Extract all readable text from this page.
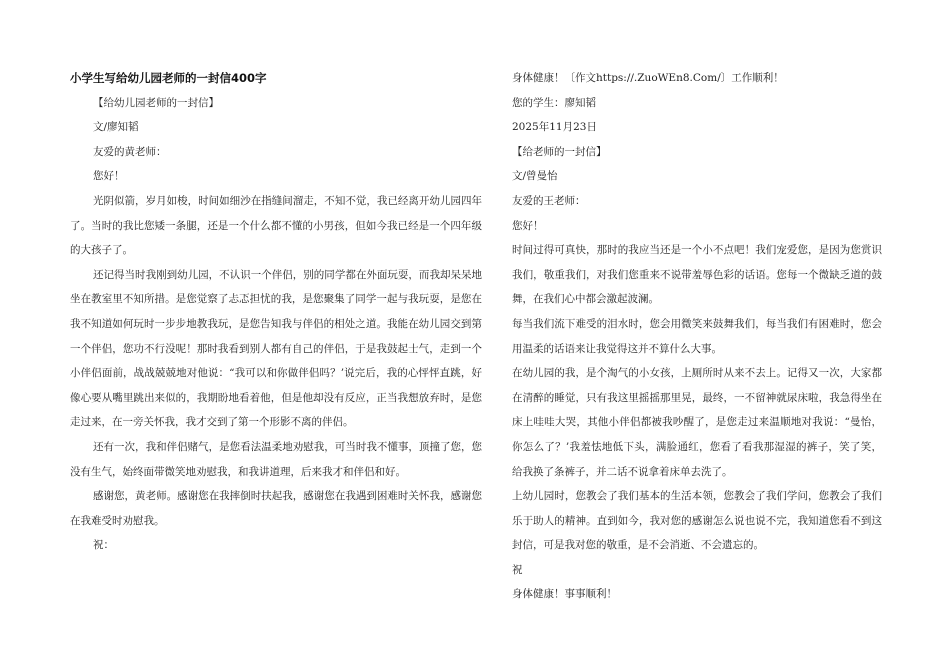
小学生写给幼儿园老师的一封信400字
【给幼儿园老师的一封信】
文/廖知韬
友爱的黄老师：
您好！
光阴似箭，岁月如梭，时间如细沙在指缝间溜走，不知不觉，我已经离开幼儿园四年了。当时的我比您矮一条腿，还是一个什么都不懂的小男孩，但如今我已经是一个四年级的大孩子了。
还记得当时我刚到幼儿园，不认识一个伴侣，别的同学都在外面玩耍，而我却呆呆地坐在教室里不知所措。是您觉察了忐忑担忧的我，是您聚集了同学一起与我玩耍，是您在我不知道如何玩时一步步地教我玩，是您告知我与伴侣的相处之道。我能在幼儿园交到第一个伴侣，您功不行没呢！那时我看到别人都有自己的伴侣，于是我鼓起士气，走到一个小伴侣面前，战战兢兢地对他说：“我可以和你做伴侣吗？’说完后，我的心怦怦直跳，好像心要从嘴里跳出来似的，我期盼地看着他，但是他却没有反应，正当我想放弃时，是您走过来，在一旁关怀我，我才交到了第一个形影不离的伴侣。
还有一次，我和伴侣赌气，是您看法温柔地劝慰我，可当时我不懂事，顶撞了您，您没有生气，始终面带微笑地劝慰我，和我讲道理，后来我才和伴侣和好。
感谢您，黄老师。感谢您在我摔倒时扶起我，感谢您在我遇到困难时关怀我，感谢您在我难受时劝慰我。
祝：
身体健康！〔作文https://.ZuoWEn8.Com/〕工作顺利！
您的学生：廖知韬
2025年11月23日
【给老师的一封信】
文/曾曼怡
友爱的王老师：
您好！
时间过得可真快，那时的我应当还是一个小不点吧！我们宠爱您，是因为您赏识我们，敬重我们，对我们您重来不说带羞辱色彩的话语。您每一个微缺乏道的鼓舞，在我们心中都会激起波澜。
每当我们流下难受的泪水时，您会用微笑来鼓舞我们，每当我们有困难时，您会用温柔的话语来让我觉得这并不算什么大事。
在幼儿园的我，是个淘气的小女孩，上厕所时从来不去上。记得又一次，大家都在清醉的睡觉，只有我这里摇摇那里晃，最终，一不留神就尿床啦，我急得坐在床上哇哇大哭，其他小伴侣都被我吵醒了，是您走过来温顺地对我说：“曼怡，你怎么了？’我羞怯地低下头，满脸通红，您看了看我那湿湿的裤子，笑了笑，给我换了条裤子，并二话不说拿着床单去洗了。
上幼儿园时，您教会了我们基本的生活本领，您教会了我们学问，您教会了我们乐于助人的精神。直到如今，我对您的感谢怎么说也说不完，我知道您看不到这封信，可是我对您的敬重，是不会消逝、不会遗忘的。
祝
身体健康！事事顺利！
